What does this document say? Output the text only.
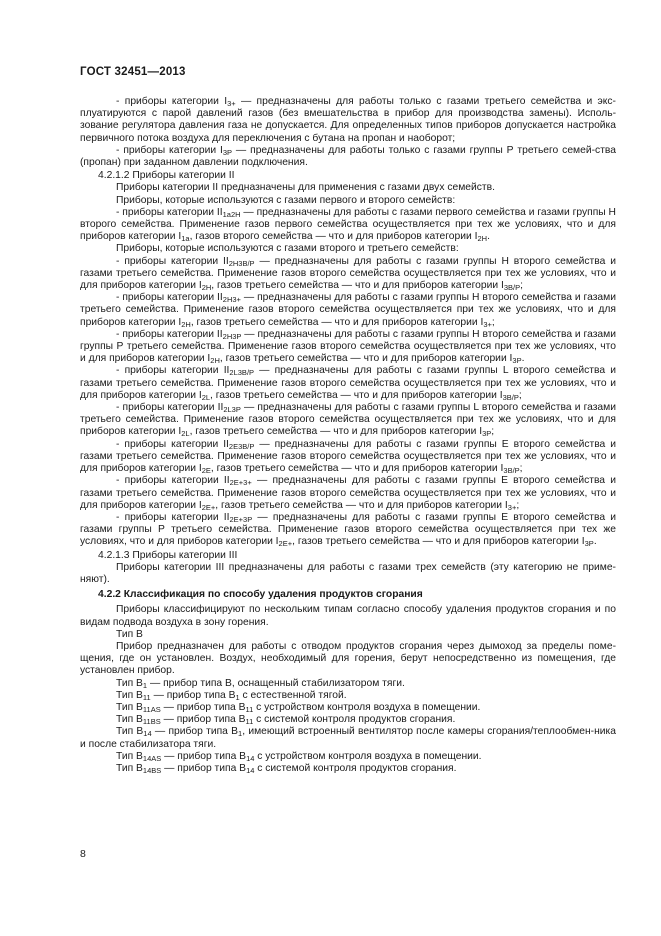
ГОСТ 32451—2013

- приборы категории $I_{3+}$ — предназначены для работы только с газами третьего семейства и экс-плуатируются с парой давлений газов (без вмешательства в прибор для производства замены). Исполь-зование регулятора давления газа не допускается. Для определенных типов приборов допускается настройка первичного потока воздуха для переключения с бутана на пропан и наоборот;

- приборы категории $I_{3P}$ — предназначены для работы только с газами группы Р третьего семей-ства (пропан) при заданном давлении подключения.

4.2.1.2 Приборы категории II

Приборы категории II предназначены для применения с газами двух семейств.

Приборы, которые используются с газами первого и второго семейств:

- приборы категории $II_{1a2H}$ — предназначены для работы с газами первого семейства и газами группы Н второго семейства. Применение газов первого семейства осуществляется при тех же условиях, что и для приборов категории $I_{1a}$, газов второго семейства — что и для приборов категории $I_{2H}$.

Приборы, которые используются с газами второго и третьего семейств:

- приборы категории $II_{2H3B/P}$ — предназначены для работы с газами группы Н второго семейства и газами третьего семейства. Применение газов второго семейства осуществляется при тех же условиях, что и для приборов категории $I_{2H}$, газов третьего семейства — что и для приборов категории $I_{3B/P}$;

- приборы категории $II_{2H3+}$ — предназначены для работы с газами группы Н второго семейства и газами третьего семейства. Применение газов второго семейства осуществляется при тех же условиях, что и для приборов категории $I_{2H}$, газов третьего семейства — что и для приборов категории $I_{3+}$;

- приборы категории $II_{2H3P}$ — предназначены для работы с газами группы Н второго семейства и газами группы Р третьего семейства. Применение газов второго семейства осуществляется при тех же условиях, что и для приборов категории $I_{2H}$, газов третьего семейства — что и для приборов категории $I_{3P}$.

- приборы категории $II_{2L3B/P}$ — предназначены для работы с газами группы L второго семейства и газами третьего семейства. Применение газов второго семейства осуществляется при тех же условиях, что и для приборов категории $I_{2L}$, газов третьего семейства — что и для приборов категории $I_{3B/P}$;

- приборы категории $II_{2L3P}$ — предназначены для работы с газами группы L второго семейства и газами третьего семейства. Применение газов второго семейства осуществляется при тех же условиях, что и для приборов категории $I_{2L}$, газов третьего семейства — что и для приборов категории $I_{3P}$;

- приборы категории $II_{2E3B/P}$ — предназначены для работы с газами группы Е второго семейства и газами третьего семейства. Применение газов второго семейства осуществляется при тех же условиях, что и для приборов категории $I_{2E}$, газов третьего семейства — что и для приборов категории $I_{3B/P}$;

- приборы категории $II_{2E+3+}$ — предназначены для работы с газами группы Е второго семейства и газами третьего семейства. Применение газов второго семейства осуществляется при тех же условиях, что и для приборов категории $I_{2E+}$, газов третьего семейства — что и для приборов категории $I_{3+}$;

- приборы категории $II_{2E+3P}$ — предназначены для работы с газами группы Е второго семейства и газами группы Р третьего семейства. Применение газов второго семейства осуществляется при тех же условиях, что и для приборов категории $I_{2E+}$, газов третьего семейства — что и для приборов категории $I_{3P}$.

4.2.1.3 Приборы категории III

Приборы категории III предназначены для работы с газами трех семейств (эту категорию не приме-няют).

4.2.2 Классификация по способу удаления продуктов сгорания

Приборы классифицируют по нескольким типам согласно способу удаления продуктов сгорания и по видам подвода воздуха в зону горения.

Тип В

Прибор предназначен для работы с отводом продуктов сгорания через дымоход за пределы поме-щения, где он установлен. Воздух, необходимый для горения, берут непосредственно из помещения, где установлен прибор.

Тип $В_1$ — прибор типа В, оснащенный стабилизатором тяги.

Тип $В_{11}$ — прибор типа $В_1$ с естественной тягой.

Тип $В_{11AS}$ — прибор типа $В_{11}$ с устройством контроля воздуха в помещении.

Тип $В_{11BS}$ — прибор типа $В_{11}$ с системой контроля продуктов сгорания.

Тип $В_{14}$ — прибор типа $В_1$, имеющий встроенный вентилятор после камеры сгорания/теплообмен-ника и после стабилизатора тяги.

Тип $В_{14AS}$ — прибор типа $В_{14}$ с устройством контроля воздуха в помещении.

Тип $В_{14BS}$ — прибор типа $В_{14}$ с системой контроля продуктов сгорания.

8
